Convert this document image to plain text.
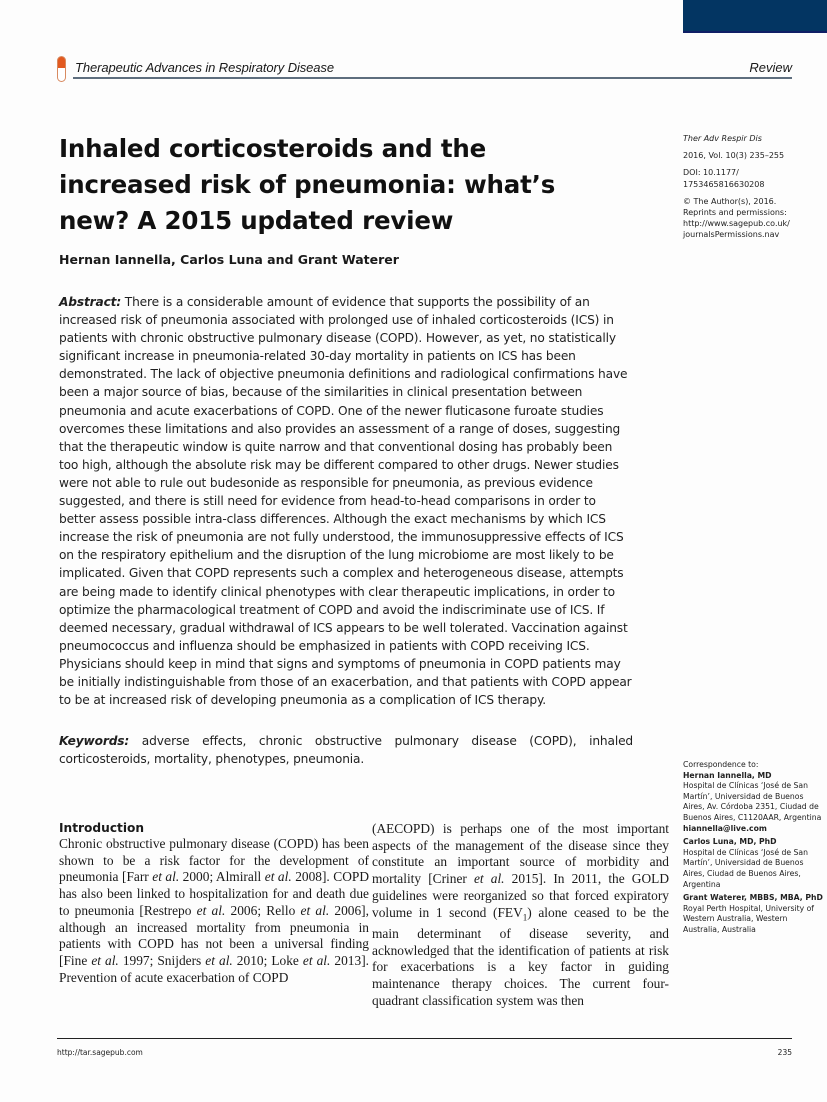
Therapeutic Advances in Respiratory Disease	Review
Inhaled corticosteroids and the increased risk of pneumonia: what’s new? A 2015 updated review
Hernan Iannella, Carlos Luna and Grant Waterer

Ther Adv Respir Dis

2016, Vol. 10(3) 235–255

DOI: 10.1177/
1753465816630208

© The Author(s), 2016.
Reprints and permissions:
http://www.sagepub.co.uk/
journalsPermissions.nav

Abstract: There is a considerable amount of evidence that supports the possibility of an increased risk of pneumonia associated with prolonged use of inhaled corticosteroids (ICS) in patients with chronic obstructive pulmonary disease (COPD). However, as yet, no statistically significant increase in pneumonia-related 30-day mortality in patients on ICS has been demonstrated. The lack of objective pneumonia definitions and radiological confirmations have been a major source of bias, because of the similarities in clinical presentation between pneumonia and acute exacerbations of COPD. One of the newer fluticasone furoate studies overcomes these limitations and also provides an assessment of a range of doses, suggesting that the therapeutic window is quite narrow and that conventional dosing has probably been too high, although the absolute risk may be different compared to other drugs. Newer studies were not able to rule out budesonide as responsible for pneumonia, as previous evidence suggested, and there is still need for evidence from head-to-head comparisons in order to better assess possible intra-class differences. Although the exact mechanisms by which ICS increase the risk of pneumonia are not fully understood, the immunosuppressive effects of ICS on the respiratory epithelium and the disruption of the lung microbiome are most likely to be implicated. Given that COPD represents such a complex and heterogeneous disease, attempts are being made to identify clinical phenotypes with clear therapeutic implications, in order to optimize the pharmacological treatment of COPD and avoid the indiscriminate use of ICS. If deemed necessary, gradual withdrawal of ICS appears to be well tolerated. Vaccination against pneumococcus and influenza should be emphasized in patients with COPD receiving ICS. Physicians should keep in mind that signs and symptoms of pneumonia in COPD patients may be initially indistinguishable from those of an exacerbation, and that patients with COPD appear to be at increased risk of developing pneumonia as a complication of ICS therapy.
Keywords: adverse effects, chronic obstructive pulmonary disease (COPD), inhaled corticosteroids, mortality, phenotypes, pneumonia.	Correspondence to:

Hernan Iannella, MD
Hospital de Clínicas ‘José de San Martín’, Universidad de Buenos Aires, Av. Córdoba 2351, Ciudad de Buenos Aires, C1120AAR, Argentina
hiannella@live.com

Carlos Luna, MD, PhD
Hospital de Clínicas ‘José de San Martín’, Universidad de Buenos Aires, Ciudad de Buenos Aires, Argentina

Grant Waterer, MBBS, MBA, PhD
Royal Perth Hospital, University of Western Australia, Western Australia, Australia

Introduction

Chronic obstructive pulmonary disease (COPD) has been shown to be a risk factor for the development of pneumonia [Farr et al. 2000; Almirall et al. 2008]. COPD has also been linked to hospitalization for and death due to pneumonia [Restrepo et al. 2006; Rello et al. 2006], although an increased mortality from pneumonia in patients with COPD has not been a universal finding [Fine et al. 1997; Snijders et al. 2010; Loke et al. 2013]. Prevention of acute exacerbation of COPD

(AECOPD) is perhaps one of the most important aspects of the management of the disease since they constitute an important source of morbidity and mortality [Criner et al. 2015]. In 2011, the GOLD guidelines were reorganized so that forced expiratory volume in 1 second $(FEV_1)$ alone ceased to be the main determinant of disease severity, and acknowledged that the identification of patients at risk for exacerbations is a key factor in guiding maintenance therapy choices. The current four-quadrant classification system was then

http://tar.sagepub.com	235
